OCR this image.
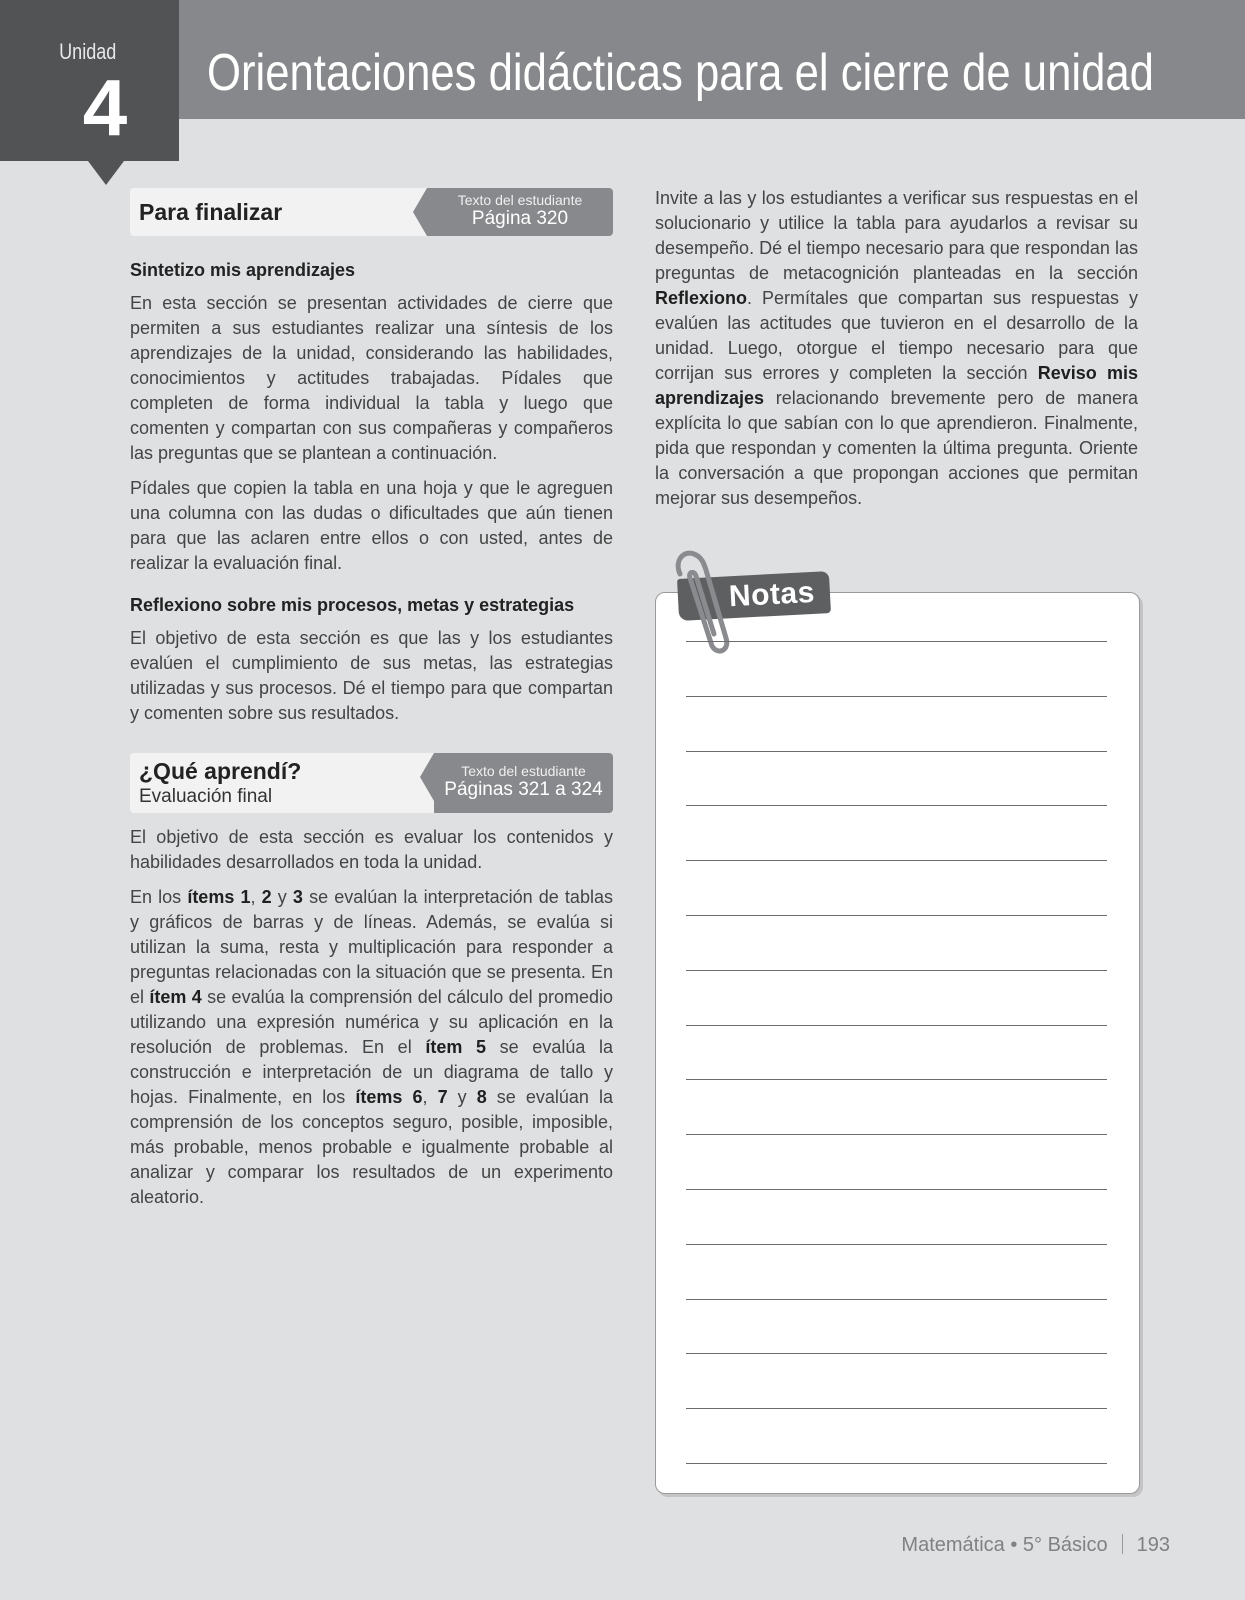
Unidad
4	Orientaciones didácticas para el cierre de unidad
Para finalizar	Texto del estudiante
Página 320
Sintetizo mis aprendizajes

En esta sección se presentan actividades de cierre que permiten a sus estudiantes realizar una síntesis de los aprendizajes de la unidad, considerando las habilidades, conocimientos y actitudes trabajadas. Pídales que completen de forma individual la tabla y luego que comenten y compartan con sus compañeras y compañeros las preguntas que se plantean a continuación.

Pídales que copien la tabla en una hoja y que le agreguen una columna con las dudas o dificultades que aún tienen para que las aclaren entre ellos o con usted, antes de realizar la evaluación final.

Reflexiono sobre mis procesos, metas y estrategias

El objetivo de esta sección es que las y los estudiantes evalúen el cumplimiento de sus metas, las estrategias utilizadas y sus procesos. Dé el tiempo para que compartan y comenten sobre sus resultados.

¿Qué aprendí?
Evaluación final
Texto del estudiante
Páginas 321 a 324

El objetivo de esta sección es evaluar los contenidos y habilidades desarrollados en toda la unidad.

En los ítems 1, 2 y 3 se evalúan la interpretación de tablas y gráficos de barras y de líneas. Además, se evalúa si utilizan la suma, resta y multiplicación para responder a preguntas relacionadas con la situación que se presenta. En el ítem 4 se evalúa la comprensión del cálculo del promedio utilizando una expresión numérica y su aplicación en la resolución de problemas. En el ítem 5 se evalúa la construcción e interpretación de un diagrama de tallo y hojas. Finalmente, en los ítems 6, 7 y 8 se evalúan la comprensión de los conceptos seguro, posible, imposible, más probable, menos probable e igualmente probable al analizar y comparar los resultados de un experimento aleatorio.

Invite a las y los estudiantes a verificar sus respuestas en el solucionario y utilice la tabla para ayudarlos a revisar su desempeño. Dé el tiempo necesario para que respondan las preguntas de metacognición planteadas en la sección Reflexiono. Permítales que compartan sus respuestas y evalúen las actitudes que tuvieron en el desarrollo de la unidad. Luego, otorgue el tiempo necesario para que corrijan sus errores y completen la sección Reviso mis aprendizajes relacionando brevemente pero de manera explícita lo que sabían con lo que aprendieron. Finalmente, pida que respondan y comenten la última pregunta. Oriente la conversación a que propongan acciones que permitan mejorar sus desempeños.

Notas
Matemática • 5° Básico 193
